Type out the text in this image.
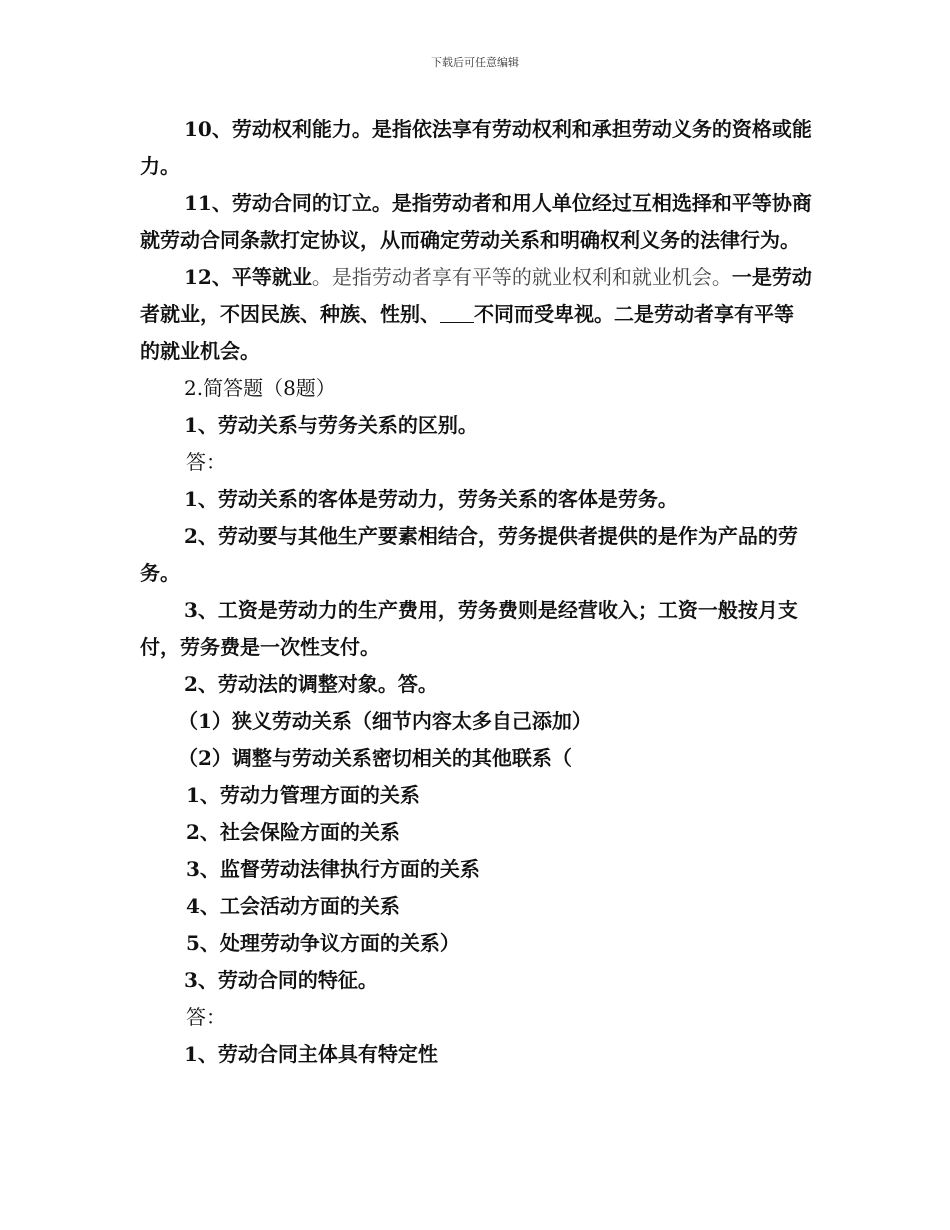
下载后可任意编辑

10、劳动权利能力。是指依法享有劳动权利和承担劳动义务的资格或能力。

11、劳动合同的订立。是指劳动者和用人单位经过互相选择和平等协商就劳动合同条款打定协议，从而确定劳动关系和明确权利义务的法律行为。

12、平等就业。是指劳动者享有平等的就业权利和就业机会。一是劳动者就业，不因民族、种族、性别、 不同而受卑视。二是劳动者享有平等的就业机会。

2.简答题（8题）

1、劳动关系与劳务关系的区别。

答：

1、劳动关系的客体是劳动力，劳务关系的客体是劳务。

2、劳动要与其他生产要素相结合，劳务提供者提供的是作为产品的劳务。

3、工资是劳动力的生产费用，劳务费则是经营收入；工资一般按月支付，劳务费是一次性支付。

2、劳动法的调整对象。答。

（1）狭义劳动关系（细节内容太多自己添加）

（2）调整与劳动关系密切相关的其他联系（

1、劳动力管理方面的关系

2、社会保险方面的关系

3、监督劳动法律执行方面的关系

4、工会活动方面的关系

5、处理劳动争议方面的关系）

3、劳动合同的特征。

答：

1、劳动合同主体具有特定性
